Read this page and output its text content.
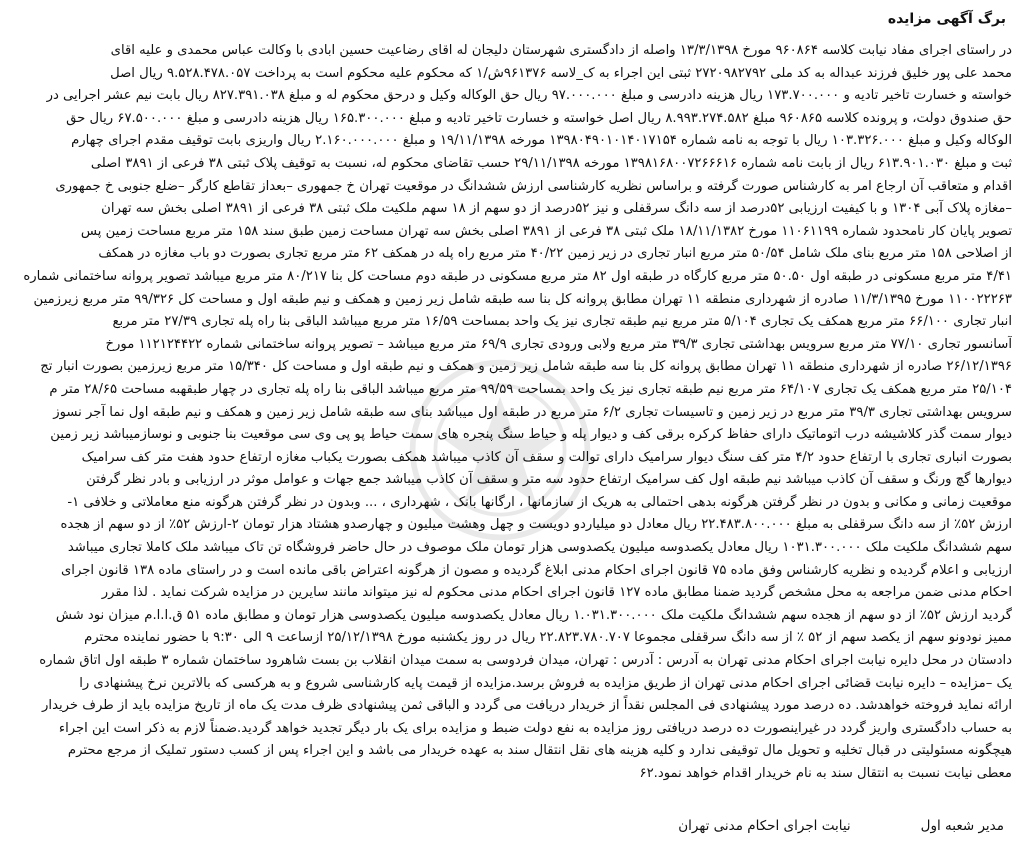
برگ آگهی مزایده
در راستای اجرای مفاد نیابت کلاسه ۹۶۰۸۶۴ مورخ ۱۳/۳/۱۳۹۸ واصله از دادگستری شهرستان دلیجان له اقای رضاعیت حسین ابادی با وکالت عباس محمدی و علیه اقای
محمد علی پور خلیق فرزند عبداله به کد ملی ۲۷۲۰۹۸۲۷۹۲ ثبتی این اجراء به ک_لاسه ۹۶۱۳۷۶ش/۱ که محکوم علیه محکوم است به پرداخت ۹.۵۲۸.۴۷۸.۰۵۷ ریال اصل
خواسته و خسارت تاخیر تادیه و ۱۷۳.۷۰۰.۰۰۰ ریال هزینه دادرسی و مبلغ ۹۷.۰۰۰.۰۰۰ ریال حق الوکاله وکیل و درحق محکوم له و مبلغ ۸۲۷.۳۹۱.۰۳۸ ریال بابت نیم عشر اجرایی در
حق صندوق دولت، و پرونده کلاسه ۹۶۰۸۶۵ مبلغ ۸.۹۹۳.۲۷۴.۵۸۲ ریال اصل خواسته و خسارت تاخیر تادیه و مبلغ ۱۶۵.۳۰۰.۰۰۰ ریال هزینه دادرسی و مبلغ ۶۷.۵۰۰.۰۰۰ ریال حق
الوکاله وکیل و مبلغ ۱۰۳.۳۲۶.۰۰۰ ریال با توجه به نامه شماره ۱۳۹۸۰۴۹۰۱۰۱۴۰۱۷۱۵۴ مورخه ۱۹/۱۱/۱۳۹۸ و مبلغ ۲.۱۶۰.۰۰۰.۰۰۰ ریال واریزی بابت توقیف مقدم اجرای چهارم
ثبت و مبلغ ۶۱۳.۹۰۱.۰۳۰ ریال از بابت نامه شماره ۱۳۹۸۱۶۸۰۰۷۲۶۶۶۱۶ مورخه ۲۹/۱۱/۱۳۹۸ حسب تقاضای محکوم له، نسبت به توقیف پلاک ثبتی ۳۸ فرعی از ۳۸۹۱ اصلی
اقدام و متعاقب آن ارجاع امر به کارشناس صورت گرفته و براساس نظریه کارشناسی ارزش ششدانگ در موقعیت تهران خ جمهوری –بعداز تقاطع کارگر –ضلع جنوبی خ جمهوری
–مغازه پلاک آبی ۱۳۰۴ و با کیفیت ارزیابی ۵۲درصد از سه دانگ سرقفلی و نیز ۵۲درصد از دو سهم از ۱۸ سهم ملکیت ملک ثبتی ۳۸ فرعی از ۳۸۹۱ اصلی بخش سه تهران
تصویر پایان کار نامحدود شماره ۱۱۰۶۱۱۹۹ مورخ ۱۸/۱۱/۱۳۸۲ ملک ثبتی ۳۸ فرعی از ۳۸۹۱ اصلی بخش سه تهران مساحت زمین طبق سند ۱۵۸ متر مربع مساحت زمین پس
از اصلاحی ۱۵۸ متر مربع بنای ملک شامل ۵۰/۵۴ متر مربع انبار تجاری در زیر زمین ۴۰/۲۲ متر مربع راه پله در همکف ۶۲ متر مربع تجاری بصورت دو باب مغازه در همکف
۴/۴۱ متر مربع مسکونی در طبقه اول ۵۰.۵۰ متر مربع کارگاه در طبقه اول ۸۲ متر مربع مسکونی در طبقه دوم مساحت کل بنا ۸۰/۲۱۷ متر مربع میباشد تصویر پروانه ساختمانی شماره
۱۱۰۰۲۲۲۶۳ مورخ ۱۱/۳/۱۳۹۵ صادره از شهرداری منطقه ۱۱ تهران مطابق پروانه کل بنا سه طبقه شامل زیر زمین و همکف و نیم طبقه اول و مساحت کل ۹۹/۳۲۶ متر مربع زیرزمین
انبار تجاری ۶۶/۱۰۰ متر مربع همکف یک تجاری ۵/۱۰۴ متر مربع نیم طبقه تجاری نیز یک واحد بمساحت ۱۶/۵۹ متر مربع میباشد الباقی بنا راه پله تجاری ۲۷/۳۹ متر مربع
آسانسور تجاری ۷۷/۱۰ متر مربع سرویس بهداشتی تجاری ۳۹/۳ متر مربع ولابی ورودی تجاری ۶۹/۹ متر مربع میباشد – تصویر پروانه ساختمانی شماره ۱۱۲۱۲۴۴۲۲ مورخ
۲۶/۱۲/۱۳۹۶ صادره از شهرداری منطقه ۱۱ تهران مطابق پروانه کل بنا سه طبقه شامل زیر زمین و همکف و نیم طبقه اول و مساحت کل ۱۵/۳۴۰ متر مربع زیرزمین بصورت انبار تج
۲۵/۱۰۴ متر مربع همکف یک تجاری ۶۴/۱۰۷ متر مربع نیم طبقه تجاری نیز یک واحد بمساحت ۹۹/۵۹ متر مربع میباشد الباقی بنا راه پله تجاری در چهار طبقهبه مساحت ۲۸/۶۵ متر م
سرویس بهداشتی تجاری ۳۹/۳ متر مربع در زیر زمین و تاسیسات تجاری ۶/۲ متر مربع در طبقه اول میباشد بنای سه طبقه شامل زیر زمین و همکف و نیم طبقه اول نما آجر نسوز
دیوار سمت گذر کلاشیشه درب اتوماتیک دارای حفاظ کرکره برقی کف و دیوار پله و حیاط سنگ پنجره های سمت حیاط پو پی وی سی موقعیت بنا جنوبی و نوسازمیباشد زیر زمین
بصورت انباری تجاری با ارتفاع حدود ۴/۲ متر کف سنگ دیوار سرامیک دارای توالت و سقف آن کاذب میباشد همکف بصورت یکباب مغازه ارتفاع حدود هفت متر کف سرامیک
دیوارها گچ ورنگ و سقف آن کاذب میباشد نیم طبقه اول کف سرامیک ارتفاع حدود سه متر و سقف آن کاذب میباشد جمع جهات و عوامل موثر در ارزیابی و بادر نظر گرفتن
موقعیت زمانی و مکانی و بدون در نظر گرفتن هرگونه بدهی احتمالی به هریک از سازمانها ، ارگانها بانک ، شهرداری ، ... وبدون در نظر گرفتن هرگونه منع معاملاتی و خلافی ۱-
ارزش ۵۲٪ از سه دانگ سرقفلی به مبلغ ۲۲.۴۸۳.۸۰۰.۰۰۰ ریال معادل دو میلیاردو دویست و چهل وهشت میلیون و چهارصدو هشتاد هزار تومان ۲-ارزش ۵۲٪ از دو سهم از هجده
سهم ششدانگ ملکیت ملک ۱۰۳۱.۳۰۰.۰۰۰ ریال معادل یکصدوسه میلیون یکصدوسی هزار تومان ملک موصوف در حال حاضر فروشگاه تن تاک میباشد ملک کاملا تجاری میباشد
ارزیابی و اعلام گردیده و نظریه کارشناس وفق ماده ۷۵ قانون اجرای احکام مدنی ابلاغ گردیده و مصون از هرگونه اعتراض باقی مانده است و در راستای ماده ۱۳۸ قانون اجرای
احکام مدنی ضمن مراجعه به محل مشخص گردید ضمنا مطابق ماده ۱۲۷ قانون اجرای احکام مدنی محکوم له نیز میتواند مانند سایرین در مزایده شرکت نماید . لذا مقرر
گردید ارزش ۵۲٪ از دو سهم از هجده سهم ششدانگ ملکیت ملک ۱.۰۳۱.۳۰۰.۰۰۰ ریال معادل یکصدوسه میلیون یکصدوسی هزار تومان و مطابق ماده ۵۱ ق.ا.ا.م میزان نود شش
ممیز نودونو سهم از یکصد سهم از ۵۲ ٪ از سه دانگ سرقفلی مجموعا ۲۲.۸۲۳.۷۸۰.۷۰۷ ریال در روز یکشنبه مورخ ۲۵/۱۲/۱۳۹۸ ازساعت ۹ الی ۹:۳۰ با حضور نماینده محترم
دادستان در محل دایره نیابت اجرای احکام مدنی تهران به آدرس : آدرس : تهران، میدان فردوسی به سمت میدان انقلاب بن بست شاهرود ساختمان شماره ۳ طبقه اول اتاق شماره
یک –مزایده – دایره نیابت قضائی اجرای احکام مدنی تهران از طریق مزایده به فروش برسد.مزایده از قیمت پایه کارشناسی شروع و به هرکسی که بالاترین نرخ پیشنهادی را
ارائه نماید فروخته خواهدشد. ده درصد مورد پیشنهادی فی المجلس نقداً از خریدار دریافت می گردد و الباقی ثمن پیشنهادی ظرف مدت یک ماه از تاریخ مزایده باید از طرف خریدار
به حساب دادگستری واریز گردد در غیراینصورت ده درصد دریافتی روز مزایده به نفع دولت ضبط و مزایده برای یک بار دیگر تجدید خواهد گردید.ضمناً لازم به ذکر است این اجراء
هیچگونه مسئولیتی در قبال تخلیه و تحویل مال توقیفی ندارد و کلیه هزینه های نقل انتقال سند به عهده خریدار می باشد و این اجراء پس از کسب دستور تملیک از مرجع محترم
معطی نیابت نسبت به انتقال سند به نام خریدار اقدام خواهد نمود.۶۲
مدیر شعبه اول
نیابت اجرای احکام مدنی تهران
